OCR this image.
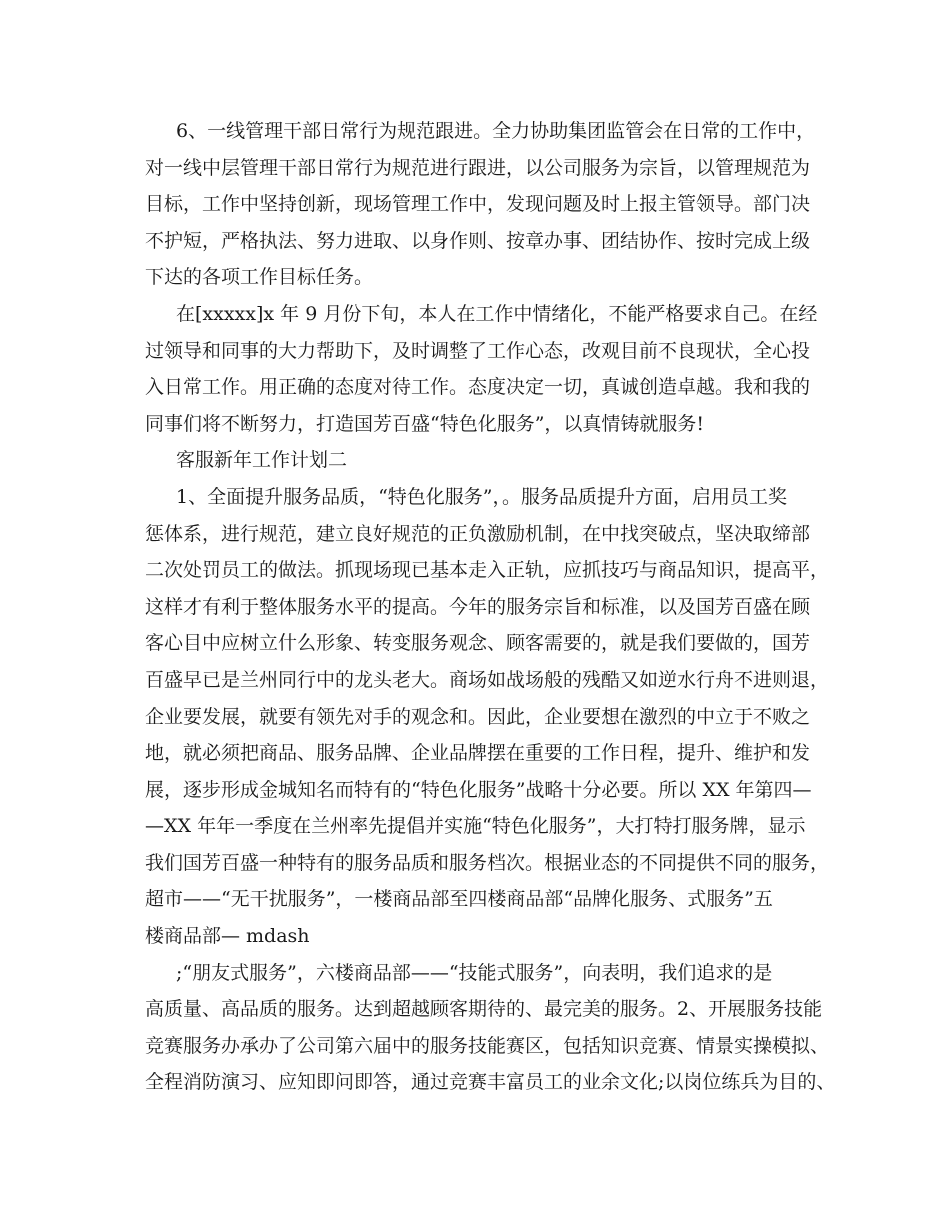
6、一线管理干部日常行为规范跟进。全力协助集团监管会在日常的工作中，
对一线中层管理干部日常行为规范进行跟进，以公司服务为宗旨，以管理规范为
目标，工作中坚持创新，现场管理工作中，发现问题及时上报主管领导。部门决
不护短，严格执法、努力进取、以身作则、按章办事、团结协作、按时完成上级
下达的各项工作目标任务。
在[xxxxx]x 年 9 月份下旬，本人在工作中情绪化，不能严格要求自己。在经
过领导和同事的大力帮助下，及时调整了工作心态，改观目前不良现状，全心投
入日常工作。用正确的态度对待工作。态度决定一切，真诚创造卓越。我和我的
同事们将不断努力，打造国芳百盛“特色化服务”，以真情铸就服务!
客服新年工作计划二
1、全面提升服务品质，“特色化服务”，。服务品质提升方面，启用员工奖
惩体系，进行规范，建立良好规范的正负激励机制，在中找突破点，坚决取缔部
二次处罚员工的做法。抓现场现已基本走入正轨，应抓技巧与商品知识，提高平，
这样才有利于整体服务水平的提高。今年的服务宗旨和标准，以及国芳百盛在顾
客心目中应树立什么形象、转变服务观念、顾客需要的，就是我们要做的，国芳
百盛早已是兰州同行中的龙头老大。商场如战场般的残酷又如逆水行舟不进则退，
企业要发展，就要有领先对手的观念和。因此，企业要想在激烈的中立于不败之
地，就必须把商品、服务品牌、企业品牌摆在重要的工作日程，提升、维护和发
展，逐步形成金城知名而特有的“特色化服务”战略十分必要。所以 XX 年第四—
—XX 年年一季度在兰州率先提倡并实施“特色化服务”，大打特打服务牌，显示
我们国芳百盛一种特有的服务品质和服务档次。根据业态的不同提供不同的服务，
超市——“无干扰服务”，一楼商品部至四楼商品部“品牌化服务、式服务”五
楼商品部— mdash
;“朋友式服务”，六楼商品部——“技能式服务”，向表明，我们追求的是
高质量、高品质的服务。达到超越顾客期待的、最完美的服务。2、开展服务技能
竞赛服务办承办了公司第六届中的服务技能赛区，包括知识竞赛、情景实操模拟、
全程消防演习、应知即问即答，通过竞赛丰富员工的业余文化;以岗位练兵为目的、
